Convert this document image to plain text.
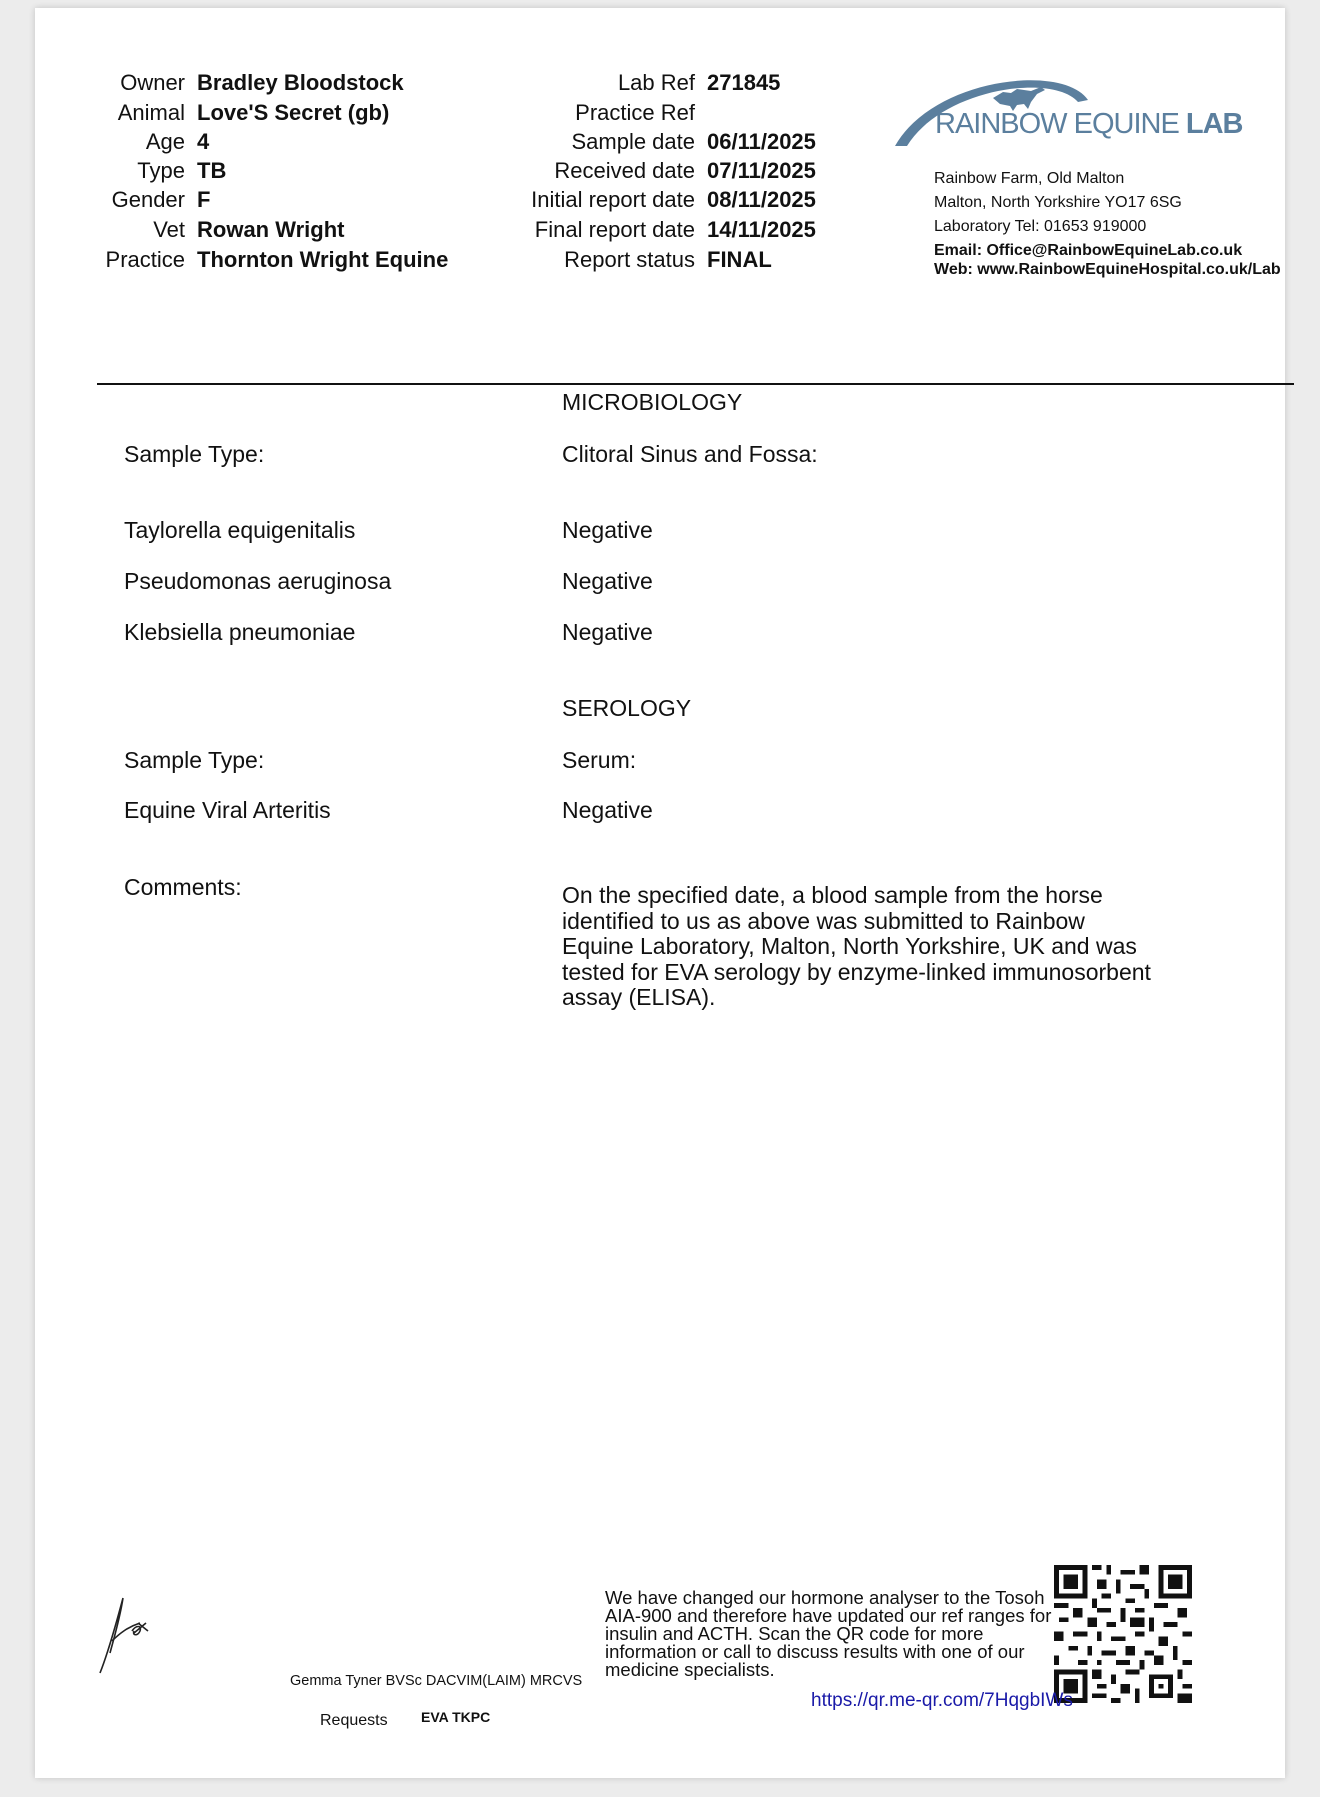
Owner Bradley Bloodstock
Animal Love'S Secret (gb)
Age 4
Type TB
Gender F
Vet Rowan Wright
Practice Thornton Wright Equine
Lab Ref 271845
Practice Ref
Sample date 06/11/2025
Received date 07/11/2025
Initial report date 08/11/2025
Final report date 14/11/2025
Report status FINAL
RAINBOW EQUINE LAB
Rainbow Farm, Old Malton
Malton, North Yorkshire YO17 6SG
Laboratory Tel: 01653 919000
Email: Office@RainbowEquineLab.co.uk
Web: www.RainbowEquineHospital.co.uk/Lab
MICROBIOLOGY
Sample Type:	Clitoral Sinus and Fossa:
Taylorella equigenitalis	Negative
Pseudomonas aeruginosa	Negative
Klebsiella pneumoniae	Negative
SEROLOGY
Sample Type:	Serum:
Equine Viral Arteritis	Negative
Comments:	On the specified date, a blood sample from the horse identified to us as above was submitted to Rainbow Equine Laboratory, Malton, North Yorkshire, UK and was tested for EVA serology by enzyme-linked immunosorbent assay (ELISA).
We have changed our hormone analyser to the Tosoh AIA-900 and therefore have updated our ref ranges for insulin and ACTH. Scan the QR code for more information or call to discuss results with one of our medicine specialists.
https://qr.me-qr.com/7HqgbIWs
Gemma Tyner BVSc DACVIM(LAIM) MRCVS
Requests EVA TKPC
